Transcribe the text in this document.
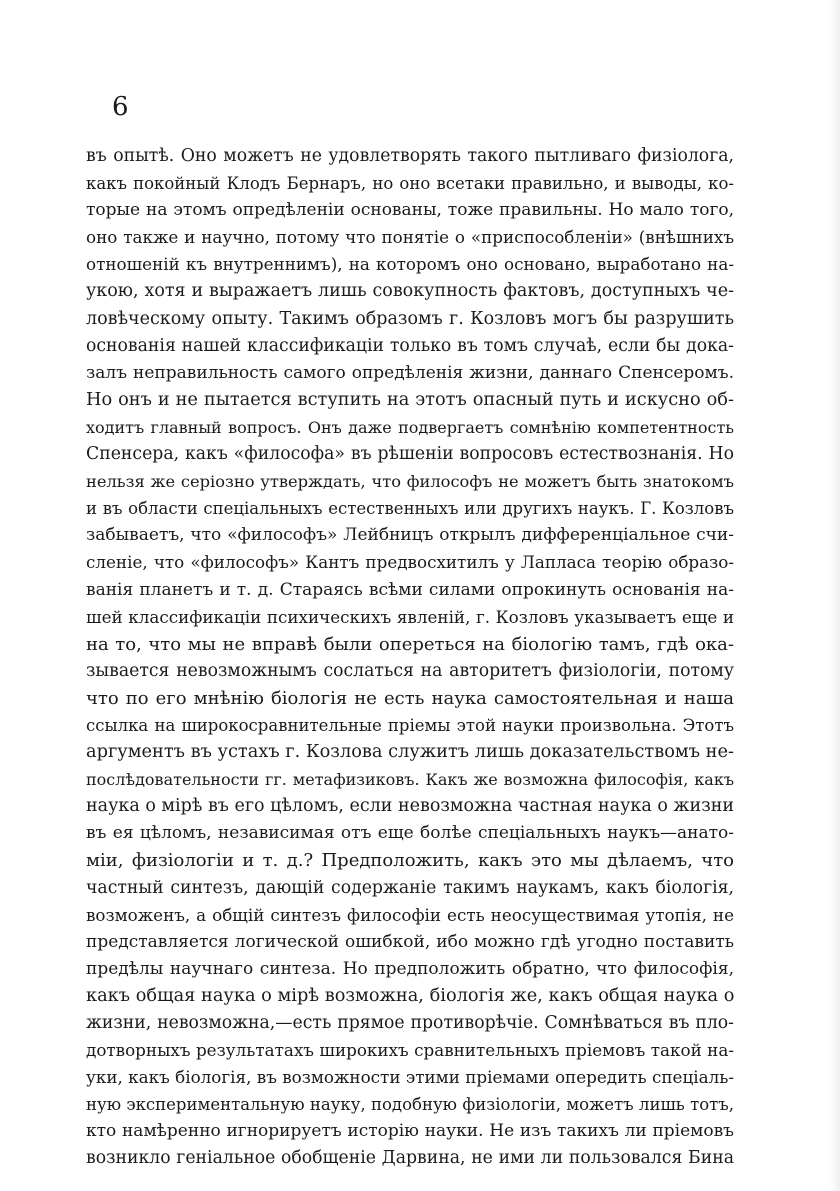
6
въ опытѣ. Оно можетъ не удовлетворять такого пытливаго физіолога,
какъ покойный Клодъ Бернаръ, но оно всетаки правильно, и выводы, ко-
торые на этомъ опредѣленіи основаны, тоже правильны. Но мало того,
оно также и научно, потому что понятіе о «приспособленіи» (внѣшнихъ
отношеній къ внутреннимъ), на которомъ оно основано, выработано на-
укою, хотя и выражаетъ лишь совокупность фактовъ, доступныхъ че-
ловѣческому опыту. Такимъ образомъ г. Козловъ могъ бы разрушить
основанія нашей классификаціи только въ томъ случаѣ, если бы дока-
залъ неправильность самого опредѣленія жизни, даннаго Спенсеромъ.
Но онъ и не пытается вступить на этотъ опасный путь и искусно об-
ходитъ главный вопросъ. Онъ даже подвергаетъ сомнѣнію компетентность
Спенсера, какъ «философа» въ рѣшеніи вопросовъ естествознанія. Но
нельзя же серіозно утверждать, что философъ не можетъ быть знатокомъ
и въ области спеціальныхъ естественныхъ или другихъ наукъ. Г. Козловъ
забываетъ, что «философъ» Лейбницъ открылъ дифференціальное счи-
сленіе, что «философъ» Кантъ предвосхитилъ у Лапласа теорію образо-
ванія планетъ и т. д. Стараясь всѣми силами опрокинуть основанія на-
шей классификаціи психическихъ явленій, г. Козловъ указываетъ еще и
на то, что мы не вправѣ были опереться на біологію тамъ, гдѣ ока-
зывается невозможнымъ сослаться на авторитетъ физіологіи, потому
что по его мнѣнію біологія не есть наука самостоятельная и наша
ссылка на широкосравнительные пріемы этой науки произвольна. Этотъ
аргументъ въ устахъ г. Козлова служитъ лишь доказательствомъ не-
послѣдовательности гг. метафизиковъ. Какъ же возможна философія, какъ
наука о мірѣ въ его цѣломъ, если невозможна частная наука о жизни
въ ея цѣломъ, независимая отъ еще болѣе спеціальныхъ наукъ—анато-
міи, физіологіи и т. д.? Предположить, какъ это мы дѣлаемъ, что
частный синтезъ, дающій содержаніе такимъ наукамъ, какъ біологія,
возможенъ, а общій синтезъ философіи есть неосуществимая утопія, не
представляется логической ошибкой, ибо можно гдѣ угодно поставить
предѣлы научнаго синтеза. Но предположить обратно, что философія,
какъ общая наука о мірѣ возможна, біологія же, какъ общая наука о
жизни, невозможна,—есть прямое противорѣчіе. Сомнѣваться въ пло-
дотворныхъ результатахъ широкихъ сравнительныхъ пріемовъ такой на-
уки, какъ біологія, въ возможности этими пріемами опередить спеціаль-
ную экспериментальную науку, подобную физіологіи, можетъ лишь тотъ,
кто намѣренно игнорируетъ исторію науки. Не изъ такихъ ли пріемовъ
возникло геніальное обобщеніе Дарвина, не ими ли пользовался Бина
